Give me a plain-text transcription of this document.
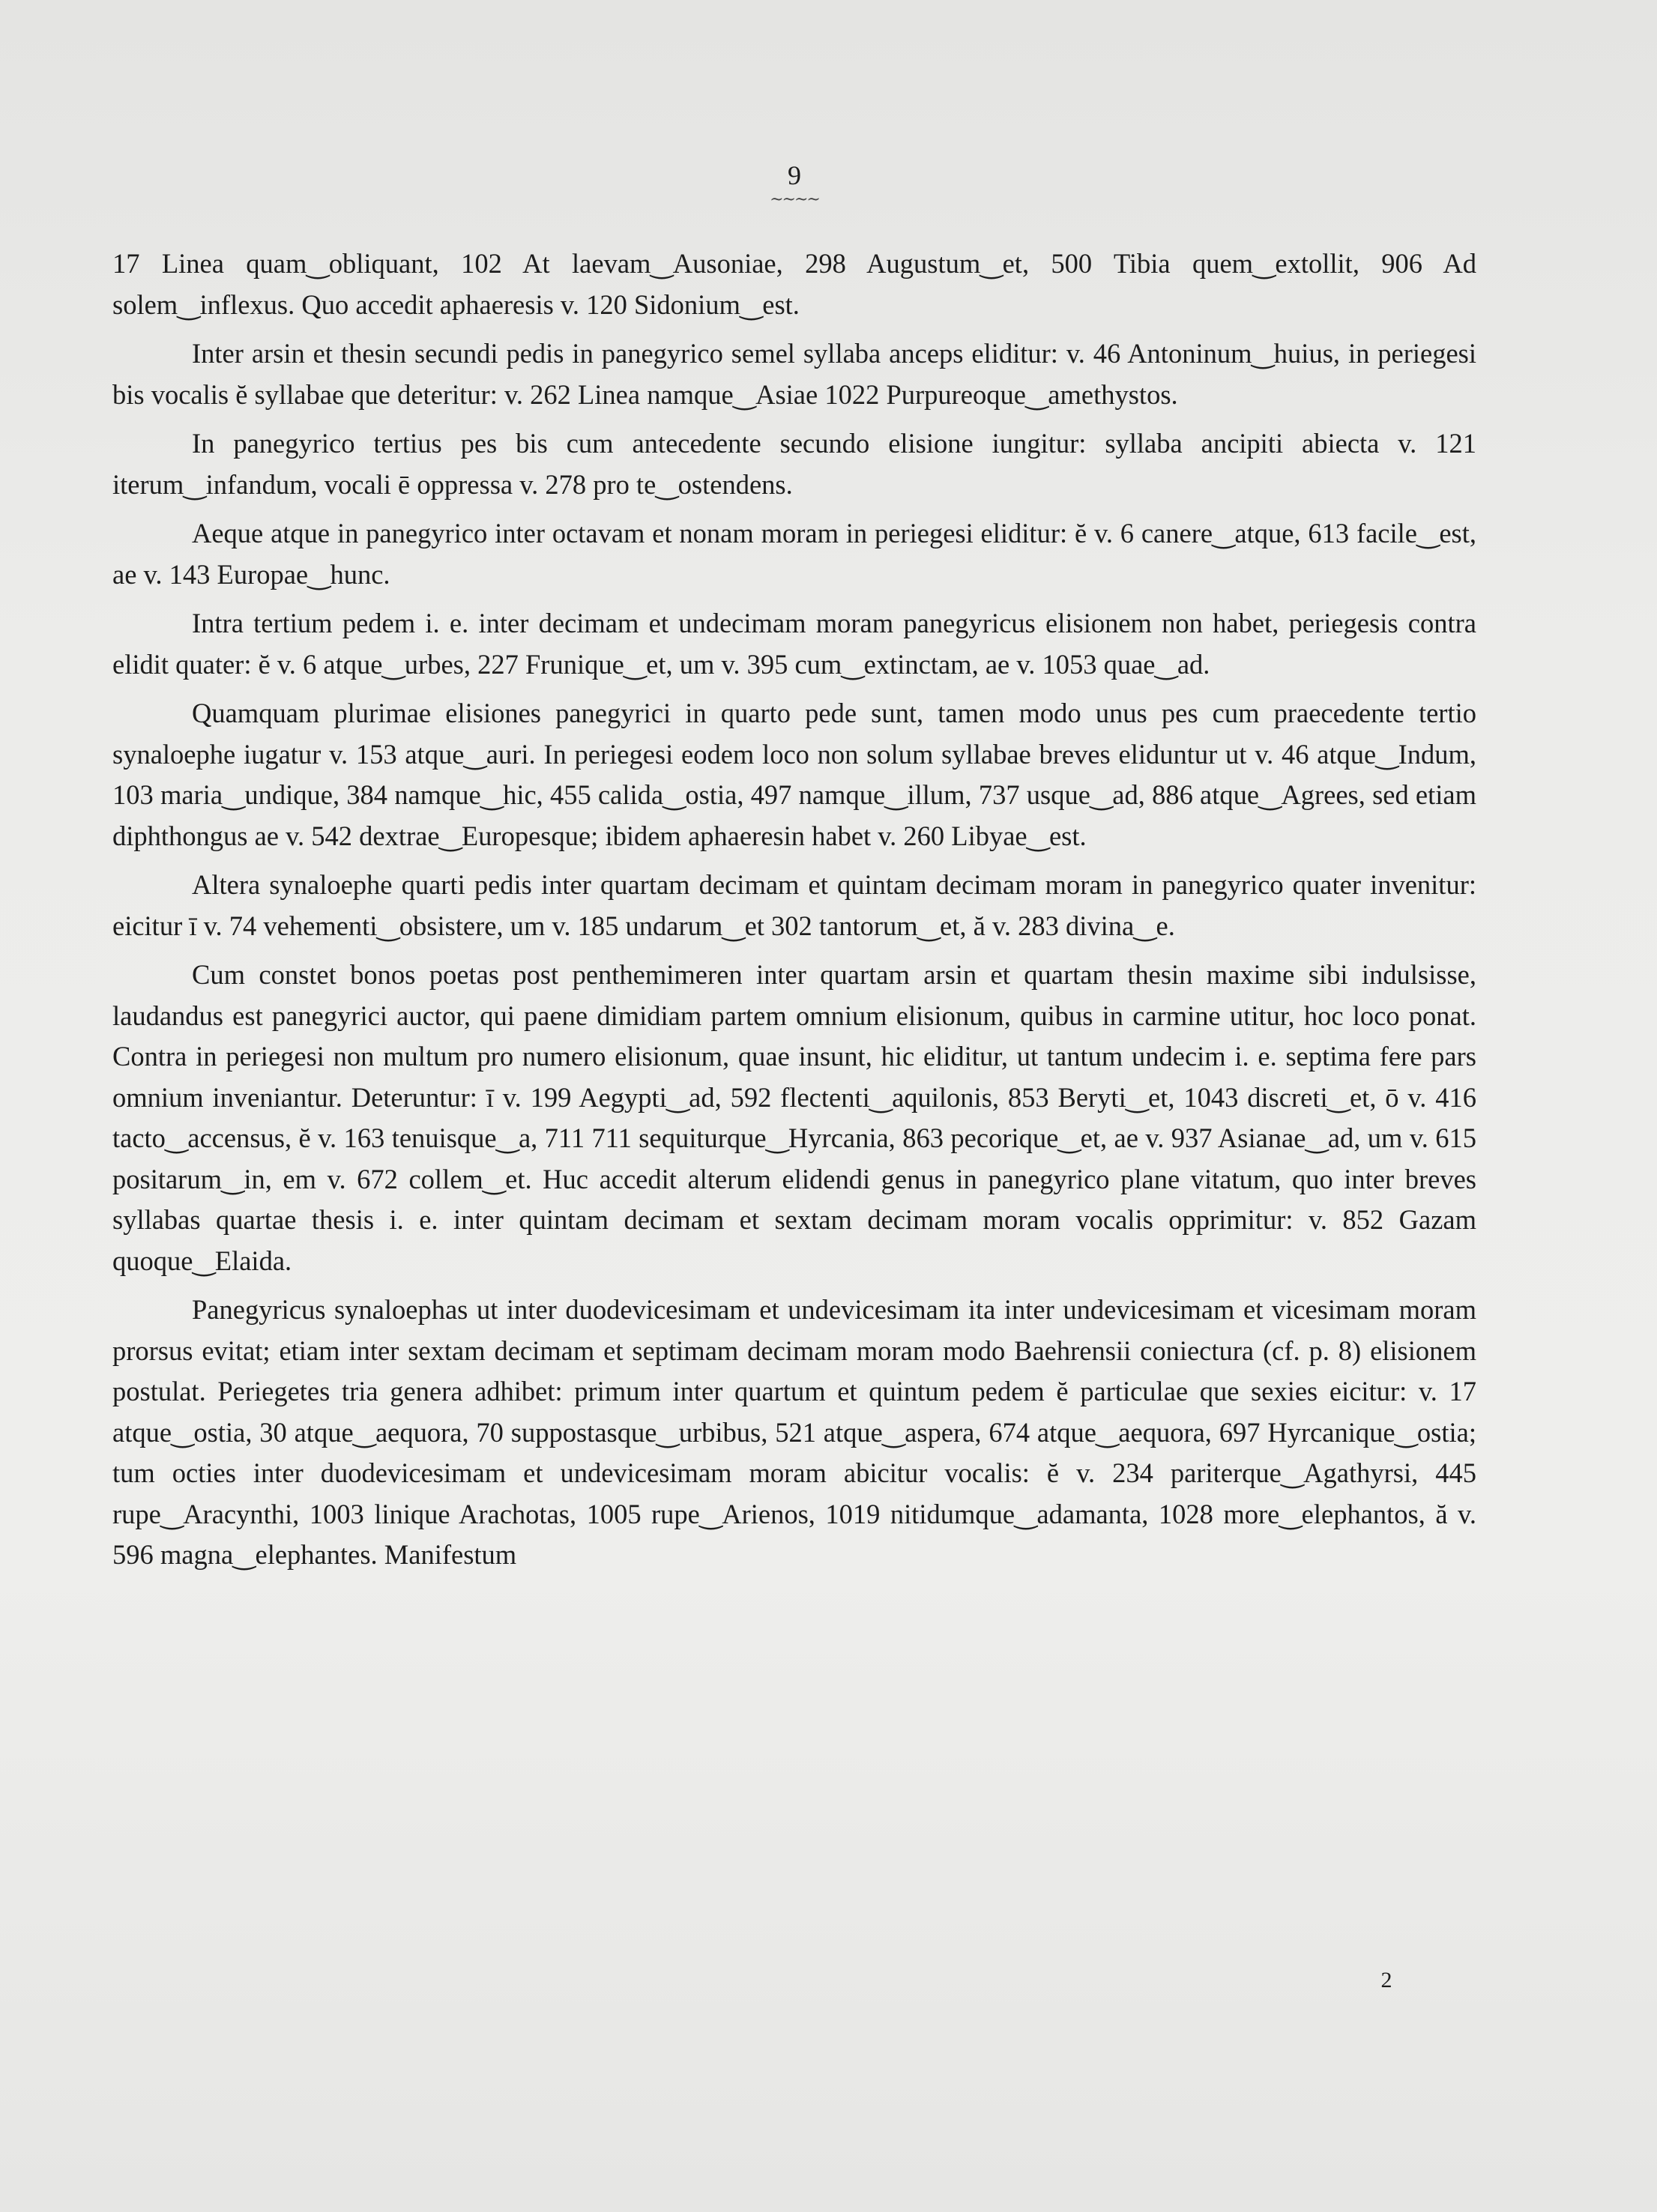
9
~~~~

17 Linea quam‿obliquant, 102 At laevam‿Ausoniae, 298 Augustum‿et, 500 Tibia quem‿extollit, 906 Ad solem‿inflexus. Quo accedit aphaeresis v. 120 Sidonium‿est.

Inter arsin et thesin secundi pedis in panegyrico semel syllaba anceps eliditur: v. 46 Antoninum‿huius, in periegesi bis vocalis ĕ syllabae que deteritur: v. 262 Linea namque‿Asiae 1022 Purpureoque‿amethystos.

In panegyrico tertius pes bis cum antecedente secundo elisione iungitur: syllaba ancipiti abiecta v. 121 iterum‿infandum, vocali ē oppressa v. 278 pro te‿ostendens.

Aeque atque in panegyrico inter octavam et nonam moram in periegesi eliditur: ĕ v. 6 canere‿atque, 613 facile‿est, ae v. 143 Europae‿hunc.

Intra tertium pedem i. e. inter decimam et undecimam moram panegyricus elisionem non habet, periegesis contra elidit quater: ĕ v. 6 atque‿urbes, 227 Frunique‿et, um v. 395 cum‿extinctam, ae v. 1053 quae‿ad.

Quamquam plurimae elisiones panegyrici in quarto pede sunt, tamen modo unus pes cum praecedente tertio synaloephe iugatur v. 153 atque‿auri. In periegesi eodem loco non solum syllabae breves eliduntur ut v. 46 atque‿Indum, 103 maria‿undique, 384 namque‿hic, 455 calida‿ostia, 497 namque‿illum, 737 usque‿ad, 886 atque‿Agrees, sed etiam diphthongus ae v. 542 dextrae‿Europesque; ibidem aphaeresin habet v. 260 Libyae‿est.

Altera synaloephe quarti pedis inter quartam decimam et quintam decimam moram in panegyrico quater invenitur: eicitur ī v. 74 vehementi‿obsistere, um v. 185 undarum‿et 302 tantorum‿et, ă v. 283 divina‿e.

Cum constet bonos poetas post penthemimeren inter quartam arsin et quartam thesin maxime sibi indulsisse, laudandus est panegyrici auctor, qui paene dimidiam partem omnium elisionum, quibus in carmine utitur, hoc loco ponat. Contra in periegesi non multum pro numero elisionum, quae insunt, hic eliditur, ut tantum undecim i. e. septima fere pars omnium inveniantur. Deteruntur: ī v. 199 Aegypti‿ad, 592 flectenti‿aquilonis, 853 Beryti‿et, 1043 discreti‿et, ō v. 416 tacto‿accensus, ĕ v. 163 tenuisque‿a, 711 711 sequiturque‿Hyrcania, 863 pecorique‿et, ae v. 937 Asianae‿ad, um v. 615 positarum‿in, em v. 672 collem‿et. Huc accedit alterum elidendi genus in panegyrico plane vitatum, quo inter breves syllabas quartae thesis i. e. inter quintam decimam et sextam decimam moram vocalis opprimitur: v. 852 Gazam quoque‿Elaida.

Panegyricus synaloephas ut inter duodevicesimam et undevicesimam ita inter undevicesimam et vicesimam moram prorsus evitat; etiam inter sextam decimam et septimam decimam moram modo Baehrensii coniectura (cf. p. 8) elisionem postulat. Periegetes tria genera adhibet: primum inter quartum et quintum pedem ĕ particulae que sexies eicitur: v. 17 atque‿ostia, 30 atque‿aequora, 70 suppostasque‿urbibus, 521 atque‿aspera, 674 atque‿aequora, 697 Hyrcanique‿ostia; tum octies inter duodevicesimam et undevicesimam moram abicitur vocalis: ĕ v. 234 pariterque‿Agathyrsi, 445 rupe‿Aracynthi, 1003 linique Arachotas, 1005 rupe‿Arienos, 1019 nitidumque‿adamanta, 1028 more‿elephantos, ă v. 596 magna‿elephantes. Manifestum

2
